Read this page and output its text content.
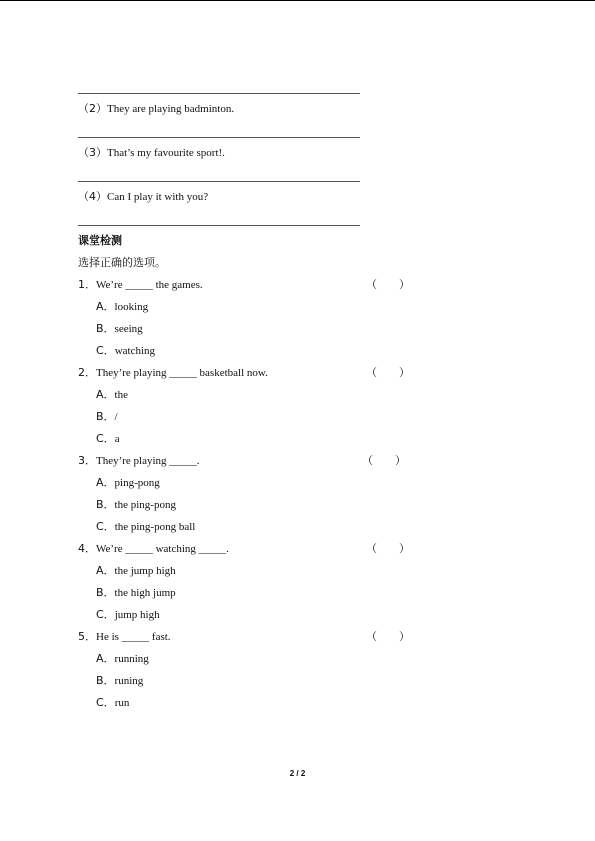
（2）They are playing badminton.
（3）That’s my favourite sport!.
（4）Can I play it with you?
课堂检测
选择正确的选项。
1．We’re _____ the games.	（　　）
A．looking
B．seeing
C．watching
2．They’re playing _____ basketball now.	（　　）
A．the
B．/
C．a
3．They’re playing _____.	（　　）
A．ping-pong
B．the ping-pong
C．the ping-pong ball
4．We’re _____ watching _____.	（　　）
A．the jump high
B．the high jump
C．jump high
5．He is _____ fast.	（　　）
A．running
B．runing
C．run
2 / 2
